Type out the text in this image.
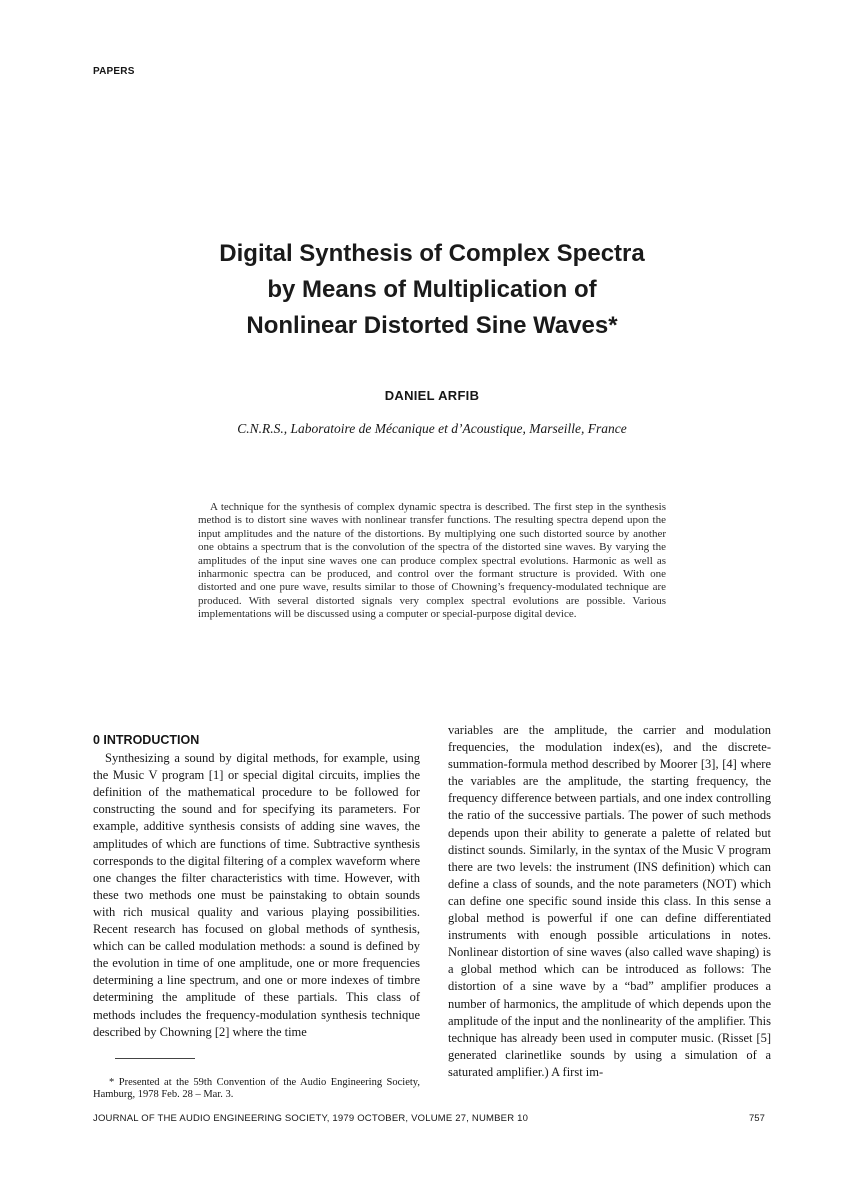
PAPERS
Digital Synthesis of Complex Spectra
by Means of Multiplication of
Nonlinear Distorted Sine Waves*
DANIEL ARFIB
C.N.R.S., Laboratoire de Mécanique et d’Acoustique, Marseille, France

A technique for the synthesis of complex dynamic spectra is described. The first step in the synthesis method is to distort sine waves with nonlinear transfer functions. The resulting spectra depend upon the input amplitudes and the nature of the distortions. By multiplying one such distorted source by another one obtains a spectrum that is the convolution of the spectra of the distorted sine waves. By varying the amplitudes of the input sine waves one can produce complex spectral evolutions. Harmonic as well as inharmonic spectra can be produced, and control over the formant structure is provided. With one distorted and one pure wave, results similar to those of Chowning’s frequency-modulated technique are produced. With several distorted signals very complex spectral evolutions are possible. Various implementations will be discussed using a computer or special-purpose digital device.

0 INTRODUCTION

Synthesizing a sound by digital methods, for example, using the Music V program [1] or special digital circuits, implies the definition of the mathematical procedure to be followed for constructing the sound and for specifying its parameters. For example, additive synthesis consists of adding sine waves, the amplitudes of which are functions of time. Subtractive synthesis corresponds to the digital filtering of a complex waveform where one changes the filter characteristics with time. However, with these two methods one must be painstaking to obtain sounds with rich musical quality and various playing possibilities. Recent research has focused on global methods of synthesis, which can be called modulation methods: a sound is defined by the evolution in time of one amplitude, one or more frequencies determining a line spectrum, and one or more indexes of timbre determining the amplitude of these partials. This class of methods includes the frequency-modulation synthesis technique described by Chowning [2] where the time

variables are the amplitude, the carrier and modulation frequencies, the modulation index(es), and the discrete-summation-formula method described by Moorer [3], [4] where the variables are the amplitude, the starting frequency, the frequency difference between partials, and one index controlling the ratio of the successive partials. The power of such methods depends upon their ability to generate a palette of related but distinct sounds. Similarly, in the syntax of the Music V program there are two levels: the instrument (INS definition) which can define a class of sounds, and the note parameters (NOT) which can define one specific sound inside this class. In this sense a global method is powerful if one can define differentiated instruments with enough possible articulations in notes. Nonlinear distortion of sine waves (also called wave shaping) is a global method which can be introduced as follows: The distortion of a sine wave by a “bad” amplifier produces a number of harmonics, the amplitude of which depends upon the amplitude of the input and the nonlinearity of the amplifier. This technique has already been used in computer music. (Risset [5] generated clarinetlike sounds by using a simulation of a saturated amplifier.) A first im-

* Presented at the 59th Convention of the Audio Engineering Society, Hamburg, 1978 Feb. 28 – Mar. 3.

JOURNAL OF THE AUDIO ENGINEERING SOCIETY, 1979 OCTOBER, VOLUME 27, NUMBER 10	757
